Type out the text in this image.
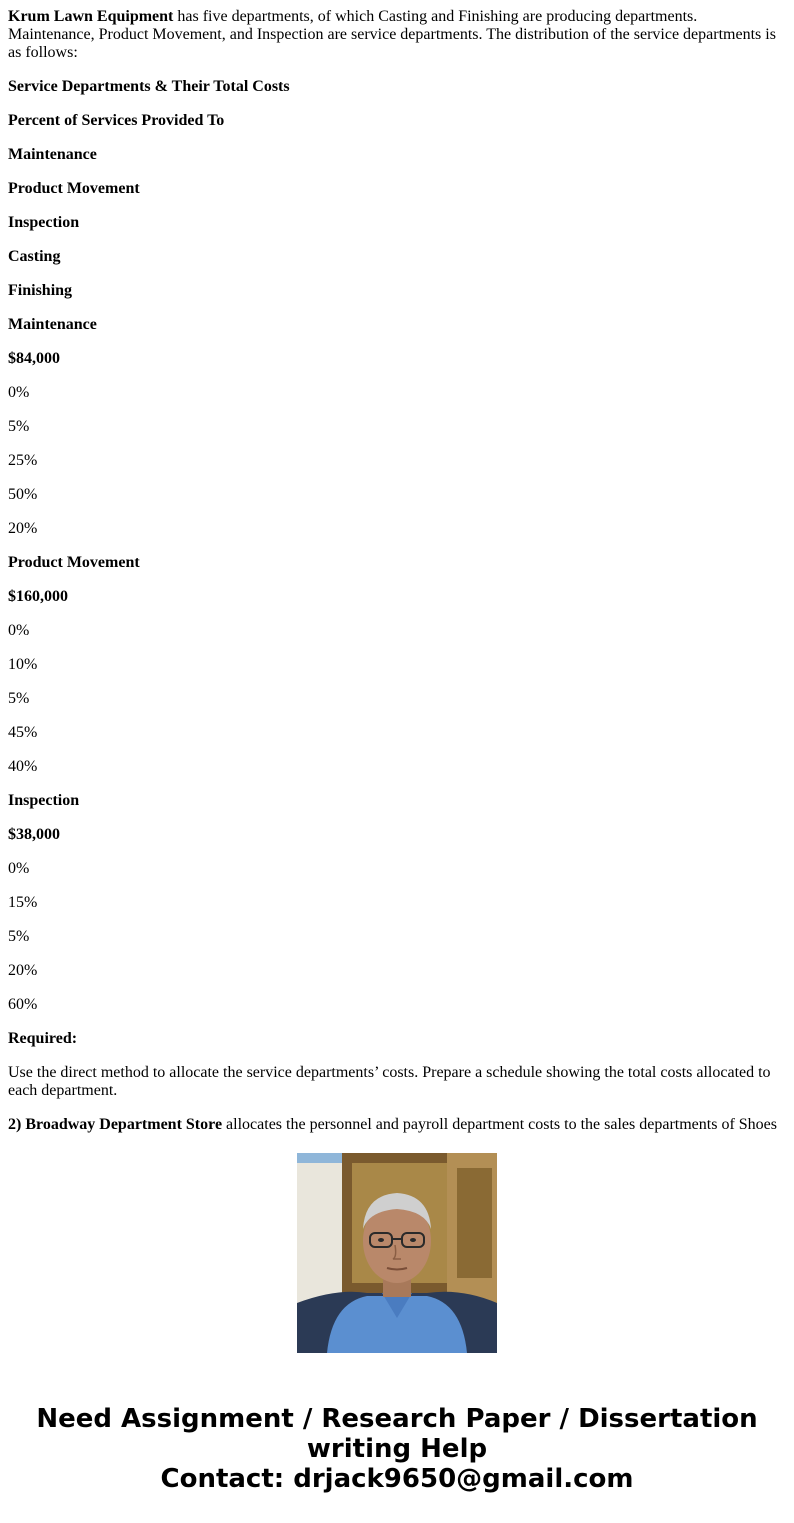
Krum Lawn Equipment has five departments, of which Casting and Finishing are producing departments. Maintenance, Product Movement, and Inspection are service departments. The distribution of the service departments is as follows:

Service Departments & Their Total Costs

Percent of Services Provided To

Maintenance

Product Movement

Inspection

Casting

Finishing

Maintenance

$84,000

0%

5%

25%

50%

20%

Product Movement

$160,000

0%

10%

5%

45%

40%

Inspection

$38,000

0%

15%

5%

20%

60%

Required:

Use the direct method to allocate the service departments’ costs. Prepare a schedule showing the total costs allocated to each department.

2) Broadway Department Store allocates the personnel and payroll department costs to the sales departments of Shoes

Need Assignment / Research Paper / Dissertation
writing Help
Contact: drjack9650@gmail.com
